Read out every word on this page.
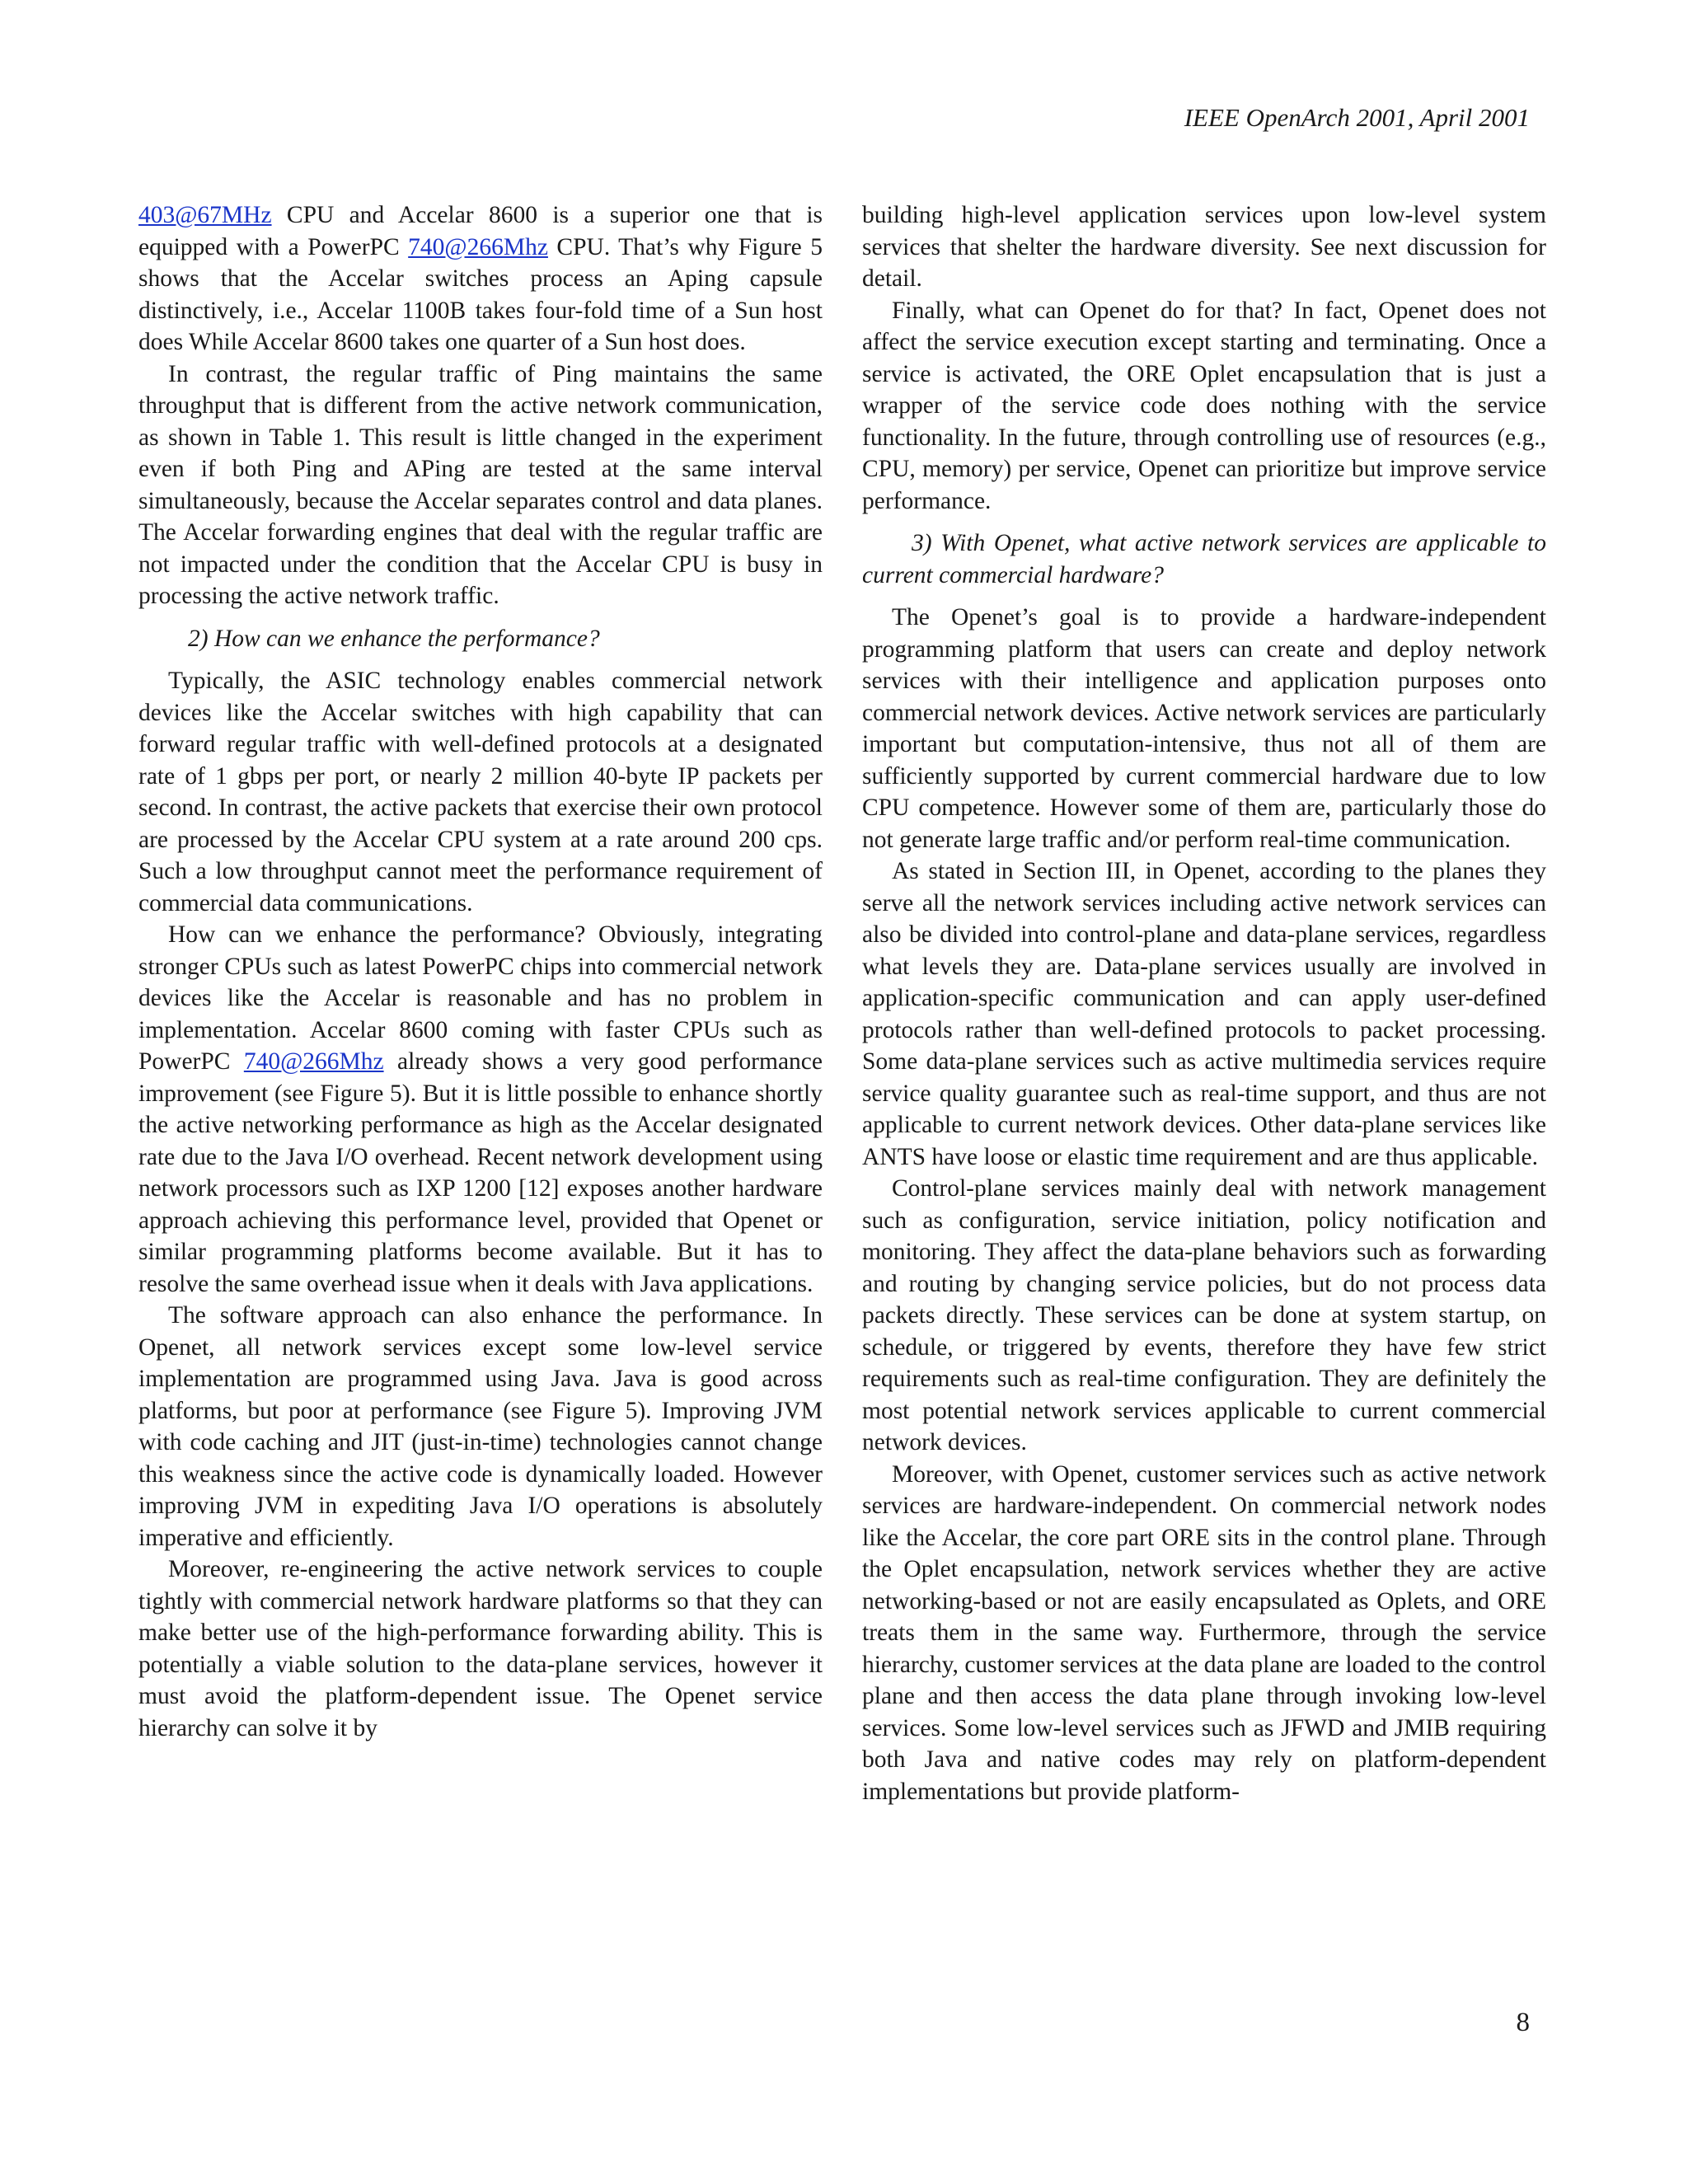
IEEE OpenArch 2001, April 2001

403@67MHz CPU and Accelar 8600 is a superior one that is equipped with a PowerPC 740@266Mhz CPU. That’s why Figure 5 shows that the Accelar switches process an Aping capsule distinctively, i.e., Accelar 1100B takes four-fold time of a Sun host does While Accelar 8600 takes one quarter of a Sun host does.

In contrast, the regular traffic of Ping maintains the same throughput that is different from the active network communication, as shown in Table 1. This result is little changed in the experiment even if both Ping and APing are tested at the same interval simultaneously, because the Accelar separates control and data planes. The Accelar forwarding engines that deal with the regular traffic are not impacted under the condition that the Accelar CPU is busy in processing the active network traffic.

2) How can we enhance the performance?

Typically, the ASIC technology enables commercial network devices like the Accelar switches with high capability that can forward regular traffic with well-defined protocols at a designated rate of 1 gbps per port, or nearly 2 million 40-byte IP packets per second. In contrast, the active packets that exercise their own protocol are processed by the Accelar CPU system at a rate around 200 cps. Such a low throughput cannot meet the performance requirement of commercial data communications.

How can we enhance the performance? Obviously, integrating stronger CPUs such as latest PowerPC chips into commercial network devices like the Accelar is reasonable and has no problem in implementation. Accelar 8600 coming with faster CPUs such as PowerPC 740@266Mhz already shows a very good performance improvement (see Figure 5). But it is little possible to enhance shortly the active networking performance as high as the Accelar designated rate due to the Java I/O overhead. Recent network development using network processors such as IXP 1200 [12] exposes another hardware approach achieving this performance level, provided that Openet or similar programming platforms become available. But it has to resolve the same overhead issue when it deals with Java applications.

The software approach can also enhance the performance. In Openet, all network services except some low-level service implementation are programmed using Java. Java is good across platforms, but poor at performance (see Figure 5). Improving JVM with code caching and JIT (just-in-time) technologies cannot change this weakness since the active code is dynamically loaded. However improving JVM in expediting Java I/O operations is absolutely imperative and efficiently.

Moreover, re-engineering the active network services to couple tightly with commercial network hardware platforms so that they can make better use of the high-performance forwarding ability. This is potentially a viable solution to the data-plane services, however it must avoid the platform-dependent issue. The Openet service hierarchy can solve it by

building high-level application services upon low-level system services that shelter the hardware diversity. See next discussion for detail.

Finally, what can Openet do for that? In fact, Openet does not affect the service execution except starting and terminating. Once a service is activated, the ORE Oplet encapsulation that is just a wrapper of the service code does nothing with the service functionality. In the future, through controlling use of resources (e.g., CPU, memory) per service, Openet can prioritize but improve service performance.

3) With Openet, what active network services are applicable to current commercial hardware?

The Openet’s goal is to provide a hardware-independent programming platform that users can create and deploy network services with their intelligence and application purposes onto commercial network devices. Active network services are particularly important but computation-intensive, thus not all of them are sufficiently supported by current commercial hardware due to low CPU competence. However some of them are, particularly those do not generate large traffic and/or perform real-time communication.

As stated in Section III, in Openet, according to the planes they serve all the network services including active network services can also be divided into control-plane and data-plane services, regardless what levels they are. Data-plane services usually are involved in application-specific communication and can apply user-defined protocols rather than well-defined protocols to packet processing. Some data-plane services such as active multimedia services require service quality guarantee such as real-time support, and thus are not applicable to current network devices. Other data-plane services like ANTS have loose or elastic time requirement and are thus applicable.

Control-plane services mainly deal with network management such as configuration, service initiation, policy notification and monitoring. They affect the data-plane behaviors such as forwarding and routing by changing service policies, but do not process data packets directly. These services can be done at system startup, on schedule, or triggered by events, therefore they have few strict requirements such as real-time configuration. They are definitely the most potential network services applicable to current commercial network devices.

Moreover, with Openet, customer services such as active network services are hardware-independent. On commercial network nodes like the Accelar, the core part ORE sits in the control plane. Through the Oplet encapsulation, network services whether they are active networking-based or not are easily encapsulated as Oplets, and ORE treats them in the same way. Furthermore, through the service hierarchy, customer services at the data plane are loaded to the control plane and then access the data plane through invoking low-level services. Some low-level services such as JFWD and JMIB requiring both Java and native codes may rely on platform-dependent implementations but provide platform-

8
